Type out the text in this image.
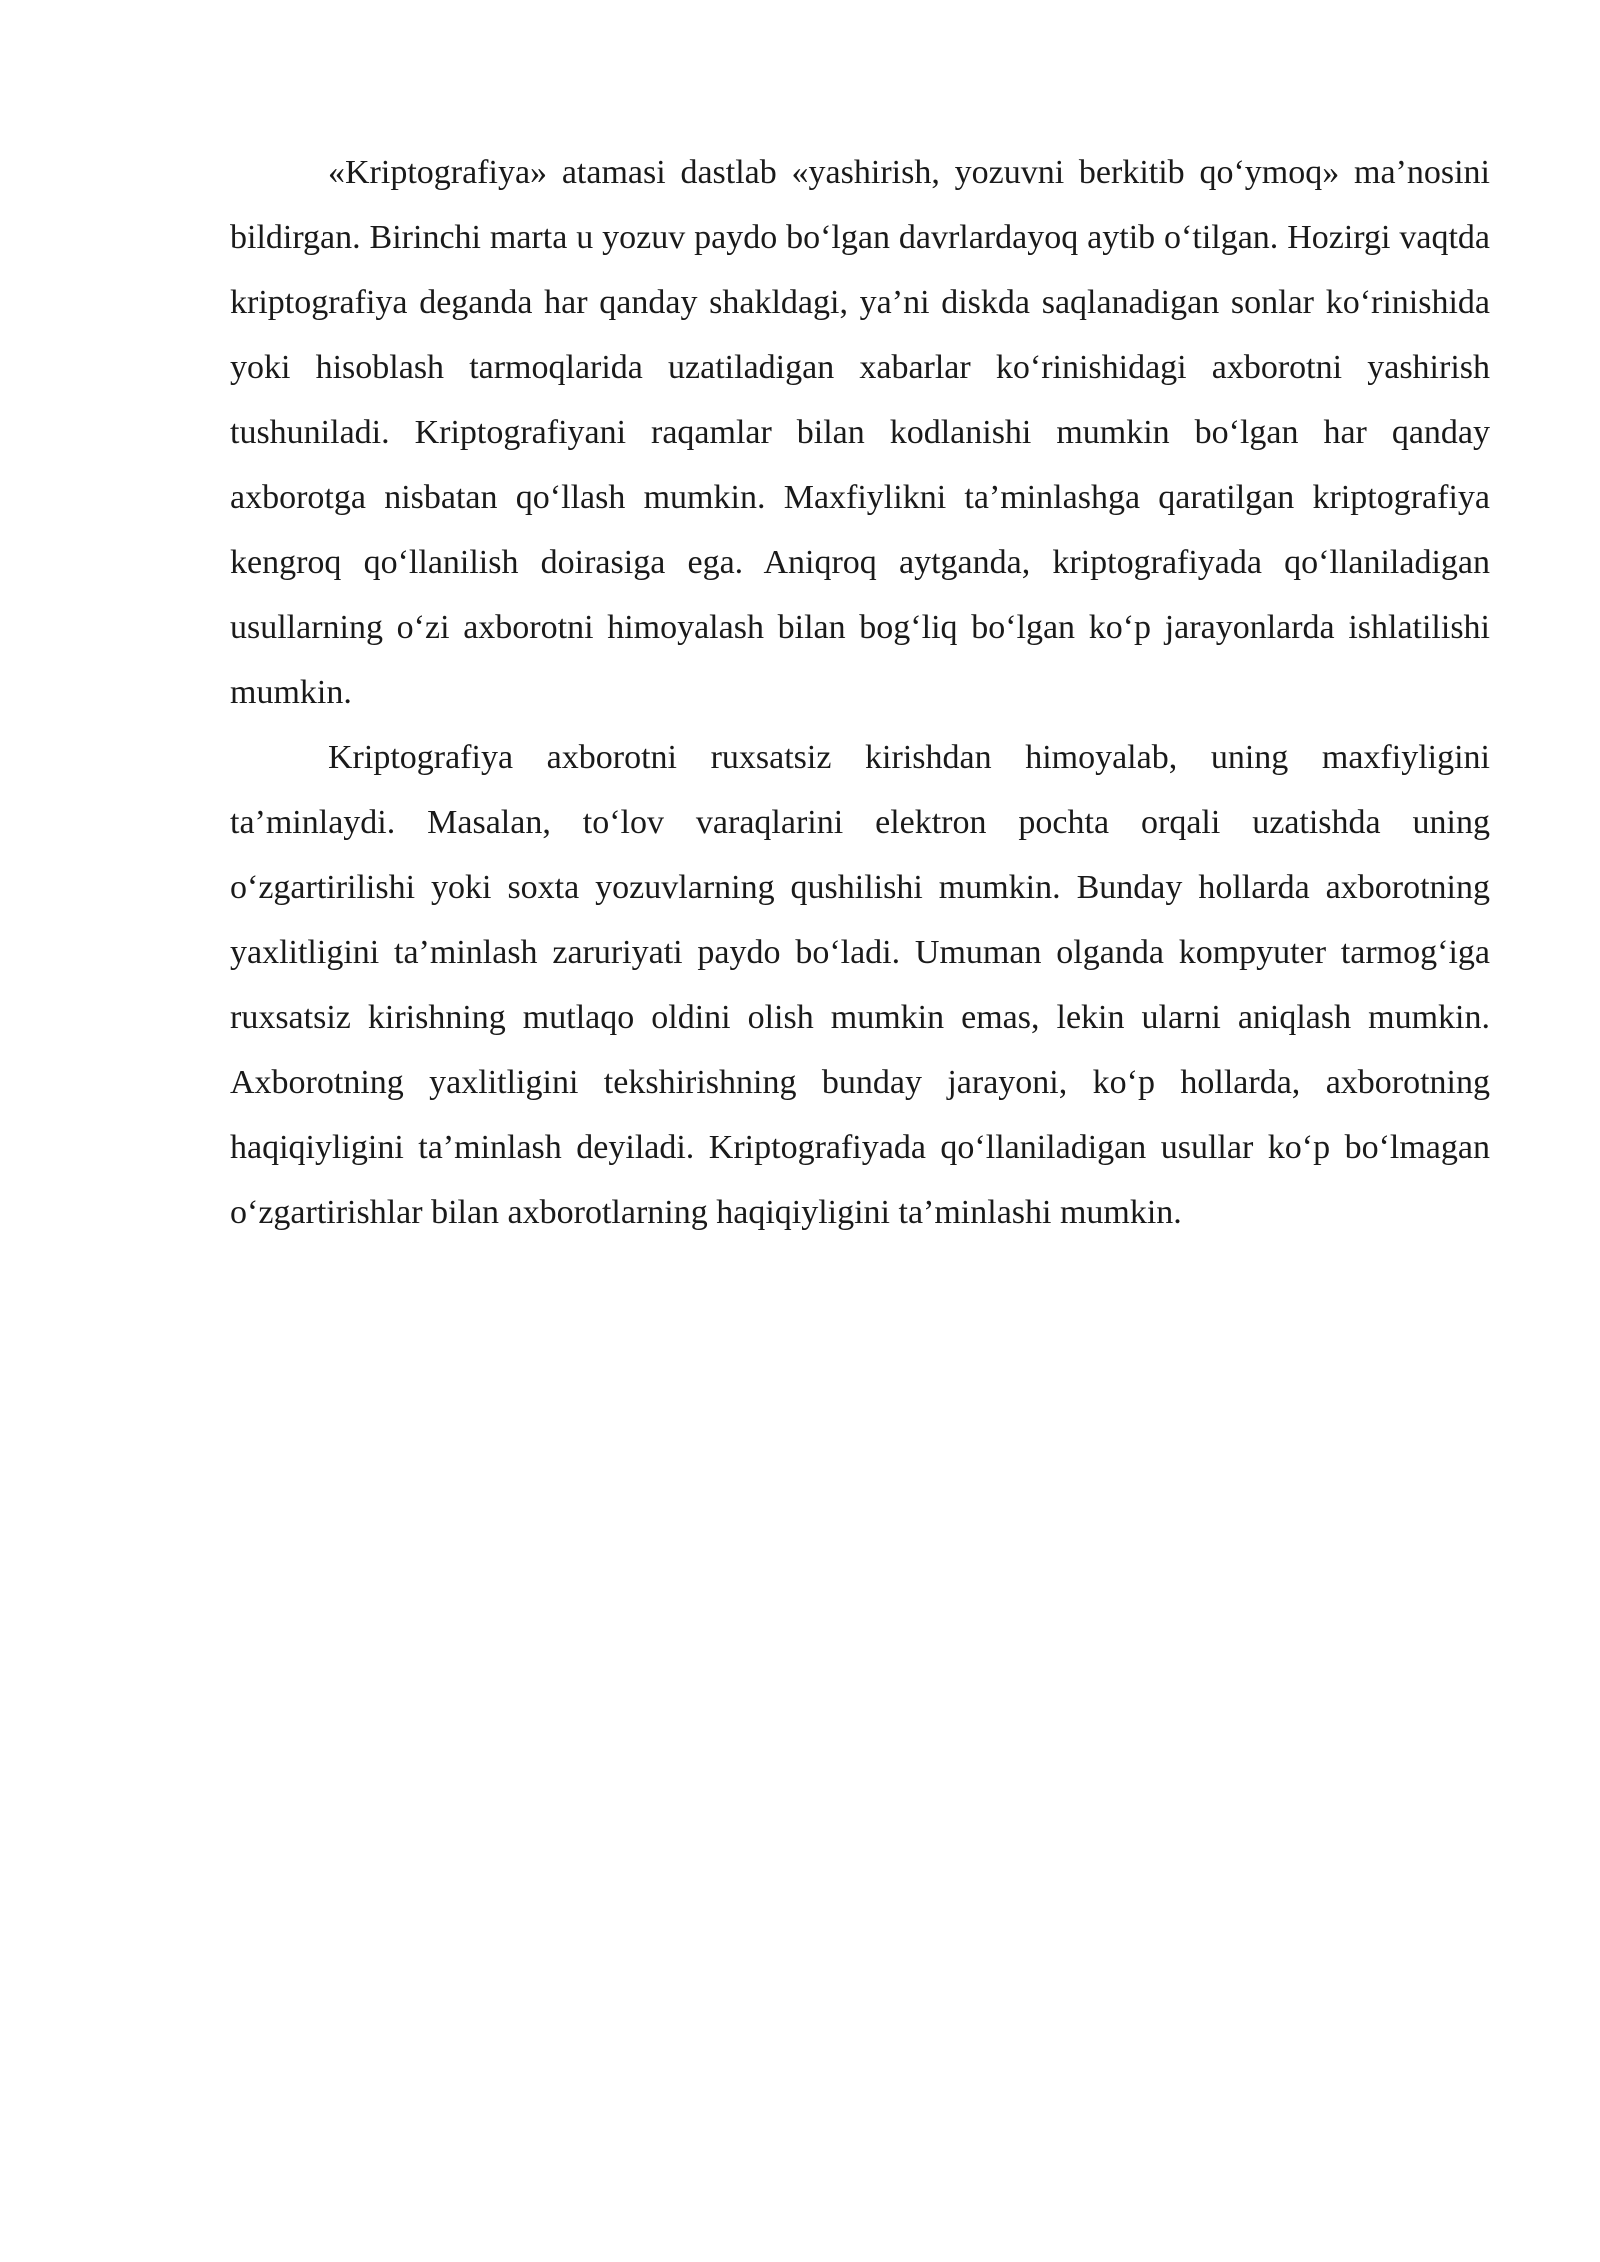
«Kriptografiya» atamasi dastlab «yashirish, yozuvni berkitib qo‘ymoq» ma’nosini bildirgan. Birinchi marta u yozuv paydo bo‘lgan davrlardayoq aytib o‘tilgan. Hozirgi vaqtda kriptografiya deganda har qanday shakldagi, ya’ni diskda saqlanadigan sonlar ko‘rinishida yoki hisoblash tarmoqlarida uzatiladigan xabarlar ko‘rinishidagi axborotni yashirish tushuniladi. Kriptografiyani raqamlar bilan kodlanishi mumkin bo‘lgan har qanday axborotga nisbatan qo‘llash mumkin. Maxfiylikni ta’minlashga qaratilgan kriptografiya kengroq qo‘llanilish doirasiga ega. Aniqroq aytganda, kriptografiyada qo‘llaniladigan usullarning o‘zi axborotni himoyalash bilan bog‘liq bo‘lgan ko‘p jarayonlarda ishlatilishi mumkin.

Kriptografiya axborotni ruxsatsiz kirishdan himoyalab, uning maxfiyligini ta’minlaydi. Masalan, to‘lov varaqlarini elektron pochta orqali uzatishda uning o‘zgartirilishi yoki soxta yozuvlarning qushilishi mumkin. Bunday hollarda axborotning yaxlitligini ta’minlash zaruriyati paydo bo‘ladi. Umuman olganda kompyuter tarmog‘iga ruxsatsiz kirishning mutlaqo oldini olish mumkin emas, lekin ularni aniqlash mumkin. Axborotning yaxlitligini tekshirishning bunday jarayoni, ko‘p hollarda, axborotning haqiqiyligini ta’minlash deyiladi. Kriptografiyada qo‘llaniladigan usullar ko‘p bo‘lmagan o‘zgartirishlar bilan axborotlarning haqiqiyligini ta’minlashi mumkin.
